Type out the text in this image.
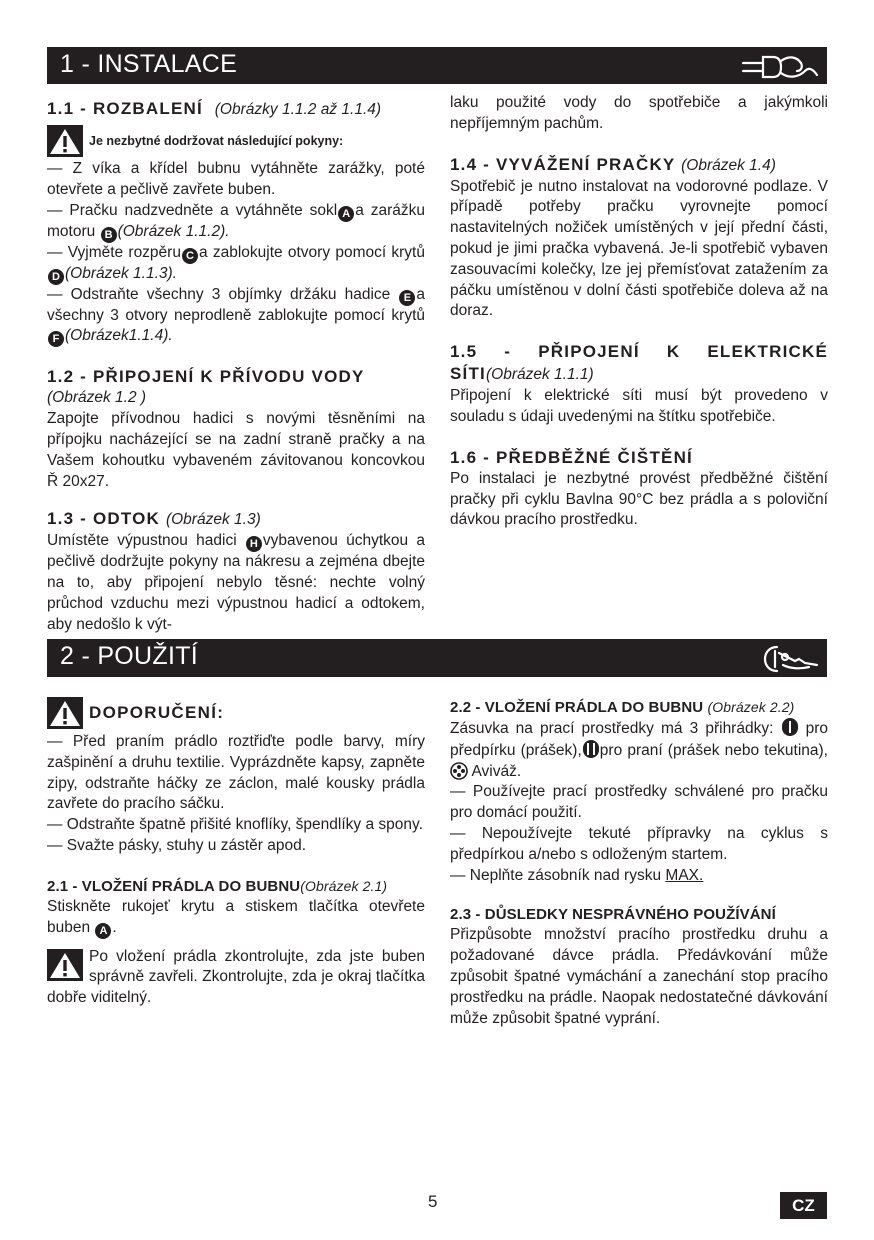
1 - INSTALACE

1.1 - ROZBALENÍ (Obrázky 1.1.2 až 1.1.4)

Je nezbytné dodržovat následující pokyny:

— Z víka a křídel bubnu vytáhněte zarážky, poté otevřete a pečlivě zavřete buben.

— Pračku nadzvedněte a vytáhněte sokl A a zarážku motoru B (Obrázek 1.1.2).

— Vyjměte rozpěru C a zablokujte otvory pomocí krytů D (Obrázek 1.1.3).

— Odstraňte všechny 3 objímky držáku hadice E a všechny 3 otvory neprodleně zablokujte pomocí krytů F (Obrázek1.1.4).

1.2 - PŘIPOJENÍ K PŘÍVODU VODY

(Obrázek 1.2 )

Zapojte přívodnou hadici s novými těsněními na přípojku nacházející se na zadní straně pračky a na Vašem kohoutku vybaveném závitovanou koncovkou Ř 20x27.

1.3 - ODTOK (Obrázek 1.3)

Umístěte výpustnou hadici H vybavenou úchytkou a pečlivě dodržujte pokyny na nákresu a zejména dbejte na to, aby připojení nebylo těsné: nechte volný průchod vzduchu mezi výpustnou hadicí a odtokem, aby nedošlo k výt-

laku použité vody do spotřebiče a jakýmkoli nepříjemným pachům.

1.4 - VYVÁŽENÍ PRAČKY (Obrázek 1.4)

Spotřebič je nutno instalovat na vodorovné podlaze. V případě potřeby pračku vyrovnejte pomocí nastavitelných nožiček umístěných v její přední části, pokud je jimi pračka vybavená. Je-li spotřebič vybaven zasouvacími kolečky, lze jej přemísťovat zatažením za páčku umístěnou v dolní části spotřebiče doleva až na doraz.

1.5 - PŘIPOJENÍ K ELEKTRICKÉ SÍTI(Obrázek 1.1.1)

Připojení k elektrické síti musí být provedeno v souladu s údaji uvedenými na štítku spotřebiče.

1.6 - PŘEDBĚŽNÉ ČIŠTĚNÍ

Po instalaci je nezbytné provést předběžné čištění pračky při cyklu Bavlna 90°C bez prádla a s poloviční dávkou pracího prostředku.

2 - POUŽITÍ
DOPORUČENÍ:

— Před praním prádlo roztřiďte podle barvy, míry zašpinění a druhu textilie. Vyprázdněte kapsy, zapněte zipy, odstraňte háčky ze záclon, malé kousky prádla zavřete do pracího sáčku.

— Odstraňte špatně přišité knoflíky, špendlíky a spony.

— Svažte pásky, stuhy u zástěr apod.

2.1 - VLOŽENÍ PRÁDLA DO BUBNU(Obrázek 2.1)

Stiskněte rukojeť krytu a stiskem tlačítka otevřete buben A .

Po vložení prádla zkontrolujte, zda jste buben správně zavřeli. Zkontrolujte, zda je okraj tlačítka dobře viditelný.

2.2 - VLOŽENÍ PRÁDLA DO BUBNU (Obrázek 2.2)

Zásuvka na prací prostředky má 3 přihrádky: pro předpírku (prášek), pro praní (prášek nebo tekutina),  Aviváž.

— Používejte prací prostředky schválené pro pračku pro domácí použití.

— Nepoužívejte tekuté přípravky na cyklus s předpírkou a/nebo s odloženým startem.

— Neplňte zásobník nad rysku MAX.

2.3 - DŮSLEDKY NESPRÁVNÉHO POUŽÍVÁNÍ

Přizpůsobte množství pracího prostředku druhu a požadované dávce prádla. Předávkování může způsobit špatné vymáchání a zanechání stop pracího prostředku na prádle. Naopak nedostatečné dávkování může způsobit špatné vyprání.

5	CZ
